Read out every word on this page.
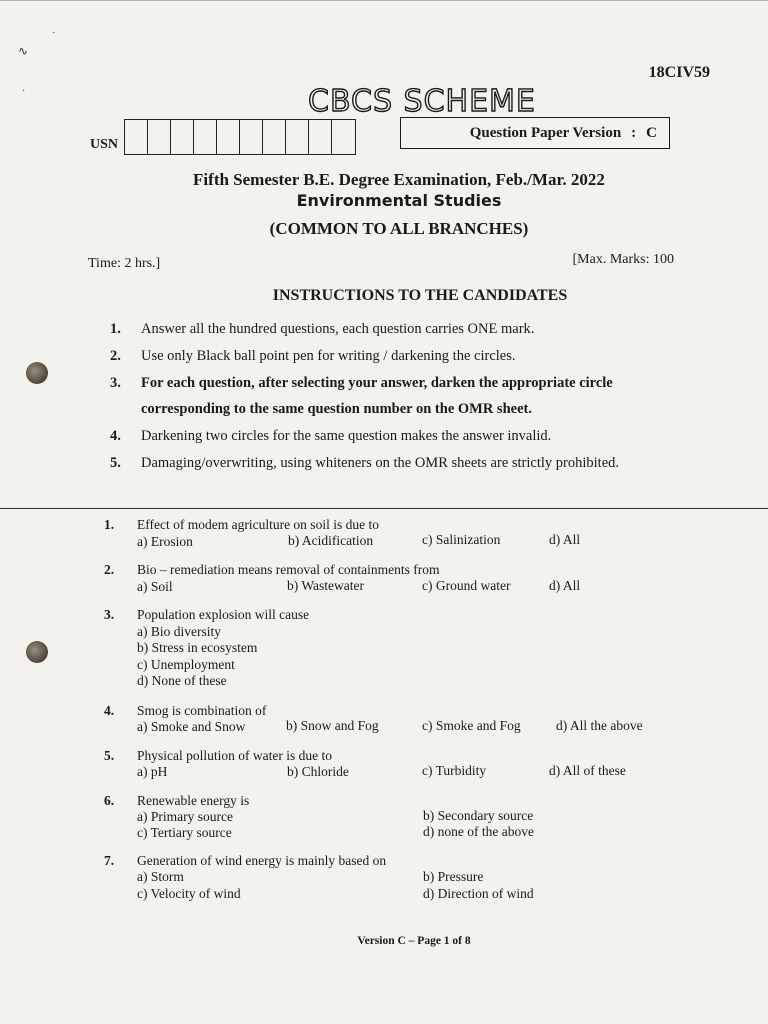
∿
·
·
18CIV59
CBCS SCHEME
USN
Question Paper Version : C
Fifth Semester B.E. Degree Examination, Feb./Mar. 2022
Environmental Studies
(COMMON TO ALL BRANCHES)
Time: 2 hrs.]	[Max. Marks: 100
INSTRUCTIONS TO THE CANDIDATES
1. Answer all the hundred questions, each question carries ONE mark.
2. Use only Black ball point pen for writing / darkening the circles.
3. For each question, after selecting your answer, darken the appropriate circle corresponding to the same question number on the OMR sheet.
4. Darkening two circles for the same question makes the answer invalid.
5. Damaging/overwriting, using whiteners on the OMR sheets are strictly prohibited.
1. Effect of modem agriculture on soil is due to
a) Erosion	b) Acidification	c) Salinization	d) All
2. Bio – remediation means removal of containments from
a) Soil	b) Wastewater	c) Ground water	d) All
3. Population explosion will cause
a) Bio diversity
b) Stress in ecosystem
c) Unemployment
d) None of these
4. Smog is combination of
a) Smoke and Snow	b) Snow and Fog	c) Smoke and Fog	d) All the above
5. Physical pollution of water is due to
a) pH	b) Chloride	c) Turbidity	d) All of these
6. Renewable energy is
a) Primary source	b) Secondary source
c) Tertiary source	d) none of the above
7. Generation of wind energy is mainly based on
a) Storm	b) Pressure
c) Velocity of wind	d) Direction of wind
Version C – Page 1 of 8
